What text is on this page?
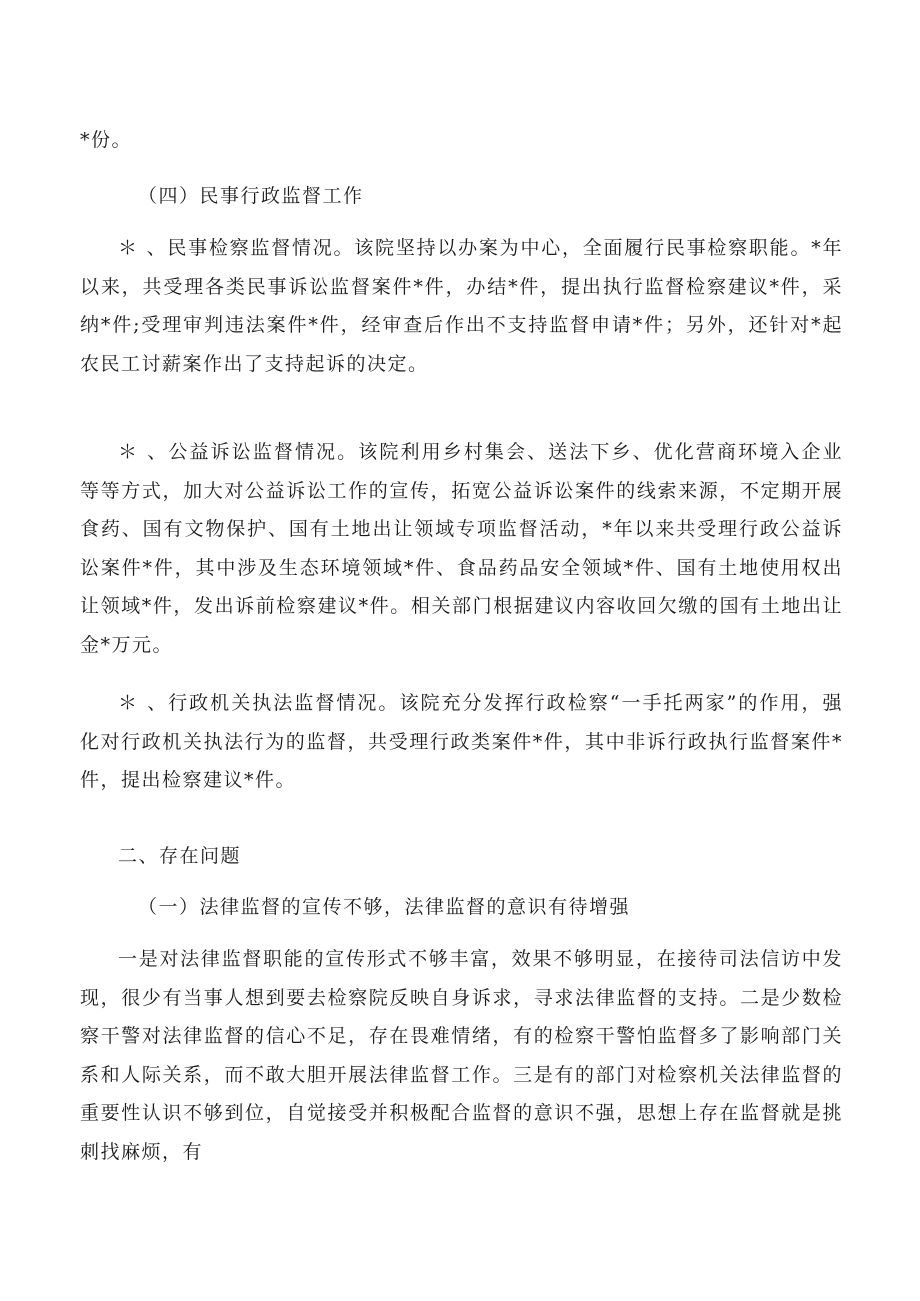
*份。

（四）民事行政监督工作

＊ 、民事检察监督情况。该院坚持以办案为中心，全面履行民事检察职能。*年以来，共受理各类民事诉讼监督案件*件，办结*件，提出执行监督检察建议*件，采纳*件;受理审判违法案件*件，经审查后作出不支持监督申请*件；另外，还针对*起农民工讨薪案作出了支持起诉的决定。

＊ 、公益诉讼监督情况。该院利用乡村集会、送法下乡、优化营商环境入企业等等方式，加大对公益诉讼工作的宣传，拓宽公益诉讼案件的线索来源，不定期开展食药、国有文物保护、国有土地出让领域专项监督活动，*年以来共受理行政公益诉讼案件*件，其中涉及生态环境领域*件、食品药品安全领域*件、国有土地使用权出让领域*件，发出诉前检察建议*件。相关部门根据建议内容收回欠缴的国有土地出让金*万元。

＊ 、行政机关执法监督情况。该院充分发挥行政检察“一手托两家”的作用，强化对行政机关执法行为的监督，共受理行政类案件*件，其中非诉行政执行监督案件*件，提出检察建议*件。

二、存在问题

（一）法律监督的宣传不够，法律监督的意识有待增强

一是对法律监督职能的宣传形式不够丰富，效果不够明显，在接待司法信访中发现，很少有当事人想到要去检察院反映自身诉求，寻求法律监督的支持。二是少数检察干警对法律监督的信心不足，存在畏难情绪，有的检察干警怕监督多了影响部门关系和人际关系，而不敢大胆开展法律监督工作。三是有的部门对检察机关法律监督的重要性认识不够到位，自觉接受并积极配合监督的意识不强，思想上存在监督就是挑刺找麻烦，有
